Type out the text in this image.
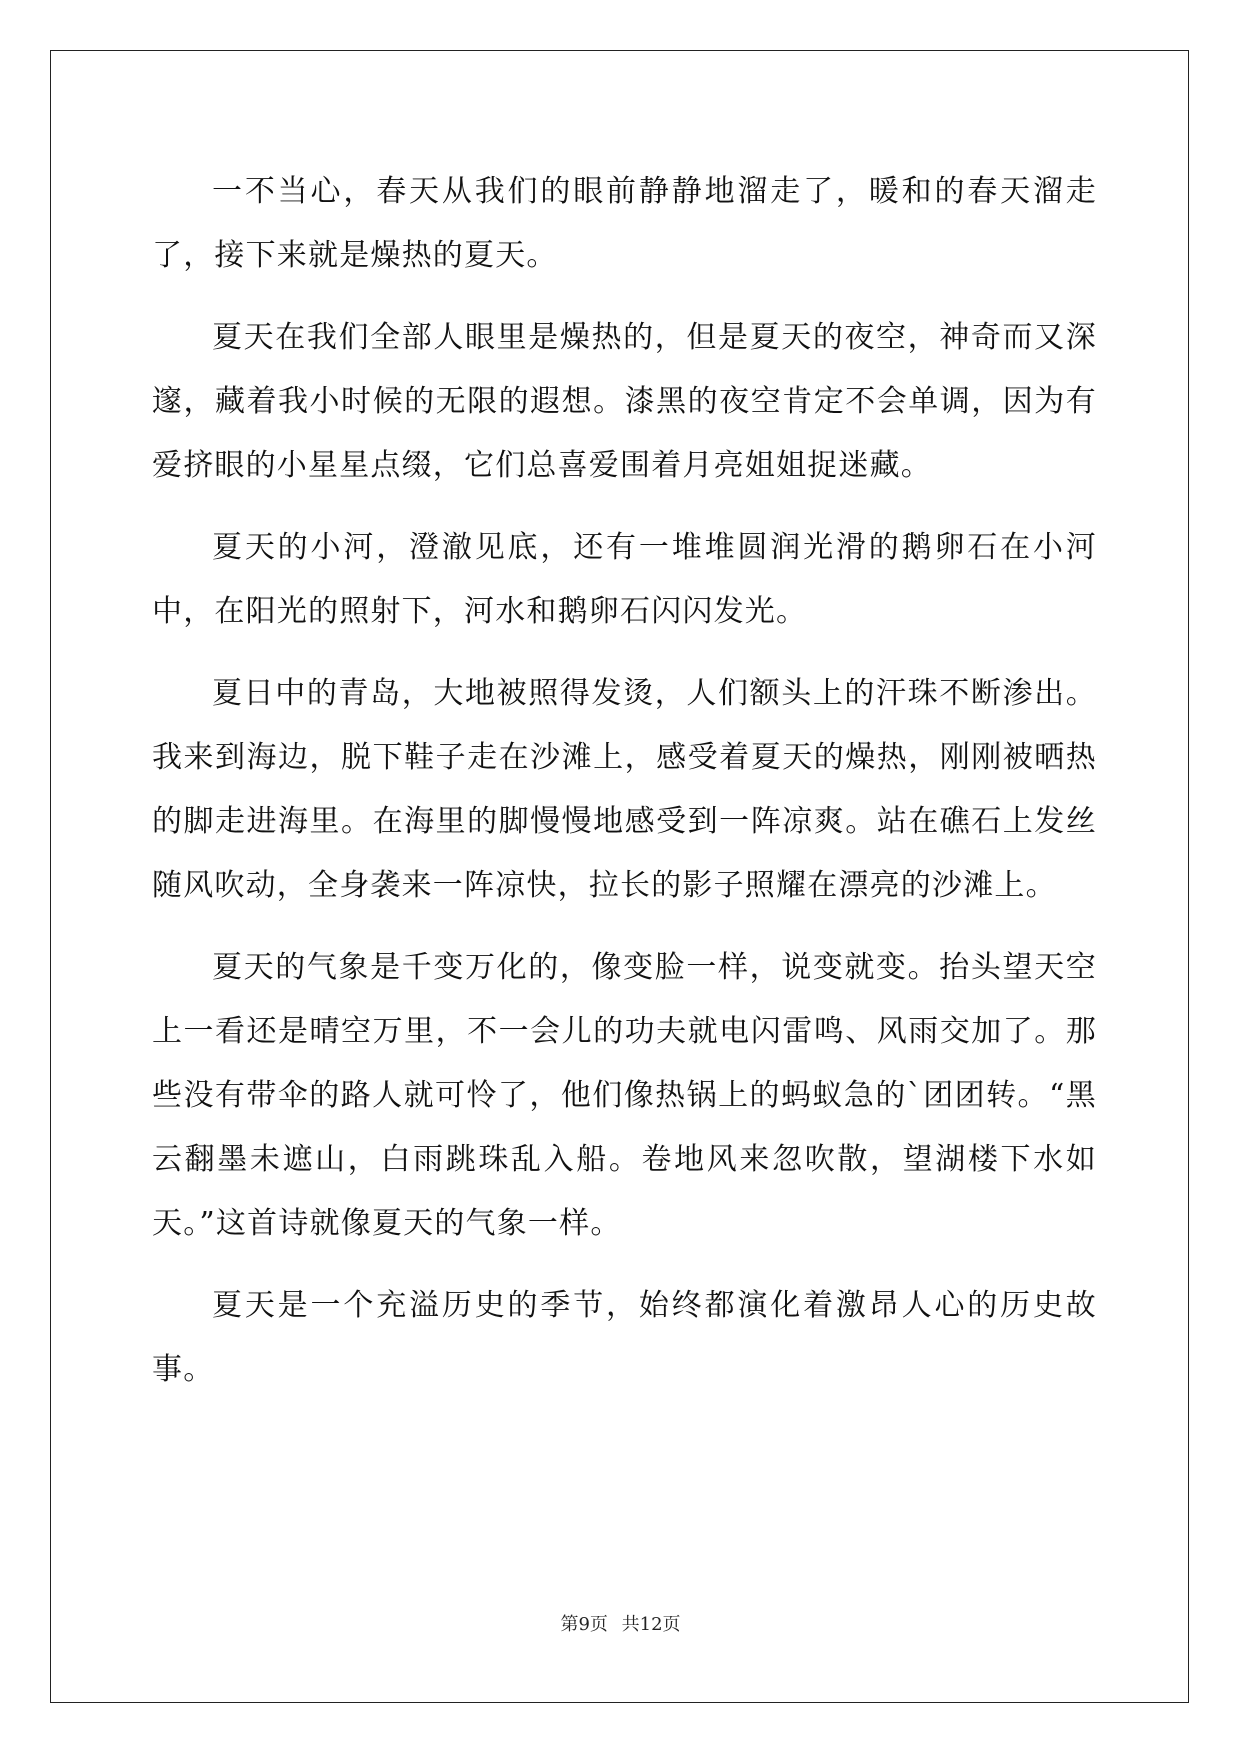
一不当心，春天从我们的眼前静静地溜走了，暖和的春天溜走了，接下来就是燥热的夏天。

夏天在我们全部人眼里是燥热的，但是夏天的夜空，神奇而又深邃，藏着我小时候的无限的遐想。漆黑的夜空肯定不会单调，因为有爱挤眼的小星星点缀，它们总喜爱围着月亮姐姐捉迷藏。

夏天的小河，澄澈见底，还有一堆堆圆润光滑的鹅卵石在小河中，在阳光的照射下，河水和鹅卵石闪闪发光。

夏日中的青岛，大地被照得发烫，人们额头上的汗珠不断渗出。我来到海边，脱下鞋子走在沙滩上，感受着夏天的燥热，刚刚被晒热的脚走进海里。在海里的脚慢慢地感受到一阵凉爽。站在礁石上发丝随风吹动，全身袭来一阵凉快，拉长的影子照耀在漂亮的沙滩上。

夏天的气象是千变万化的，像变脸一样，说变就变。抬头望天空上一看还是晴空万里，不一会儿的功夫就电闪雷鸣、风雨交加了。那些没有带伞的路人就可怜了，他们像热锅上的蚂蚁急的`团团转。“黑云翻墨未遮山，白雨跳珠乱入船。卷地风来忽吹散，望湖楼下水如天。”这首诗就像夏天的气象一样。

夏天是一个充溢历史的季节，始终都演化着激昂人心的历史故事。

第9页 共12页
